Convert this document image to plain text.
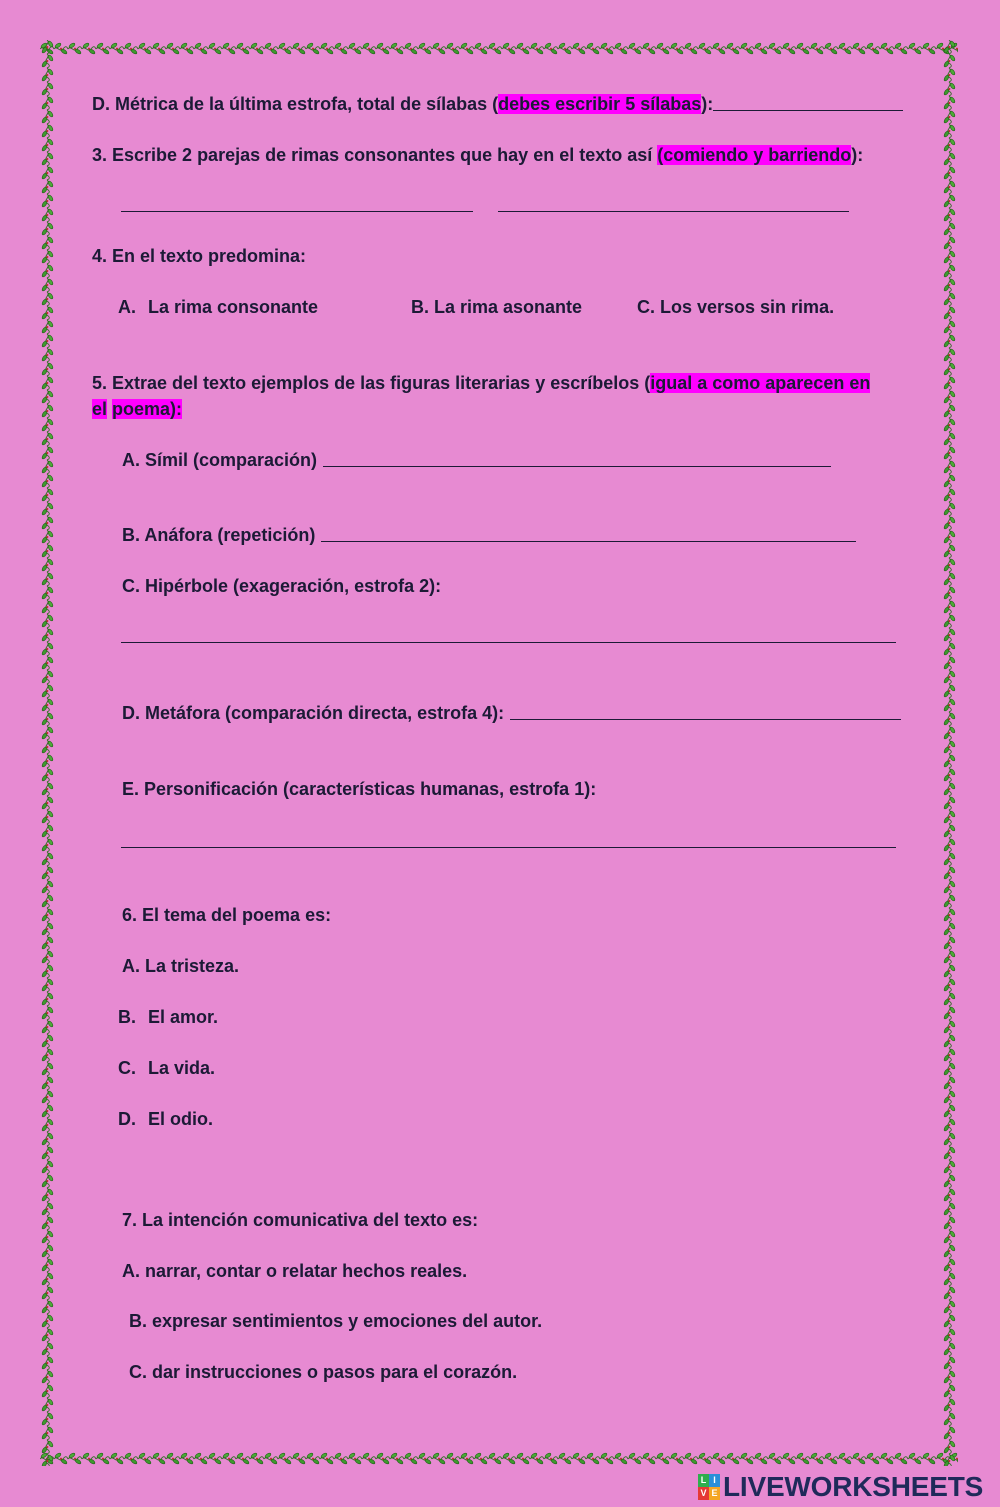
D. Métrica de la última estrofa, total de sílabas (debes escribir 5 sílabas):
3. Escribe 2 parejas de rimas consonantes que hay en el texto así (comiendo y barriendo):
4. En el texto predomina:
A. La rima consonante	B. La rima asonante	C. Los versos sin rima.
5. Extrae del texto ejemplos de las figuras literarias y escríbelos (igual a como aparecen en
el poema):
A. Símil (comparación)
B. Anáfora (repetición)
C. Hipérbole (exageración, estrofa 2):
D. Metáfora (comparación directa, estrofa 4):
E. Personificación (características humanas, estrofa 1):
6. El tema del poema es:
A. La tristeza.
B. El amor.
C. La vida.
D. El odio.
7. La intención comunicativa del texto es:
A. narrar, contar o relatar hechos reales.
B. expresar sentimientos y emociones del autor.
C. dar instrucciones o pasos para el corazón.
L I
V E LIVEWORKSHEETS
